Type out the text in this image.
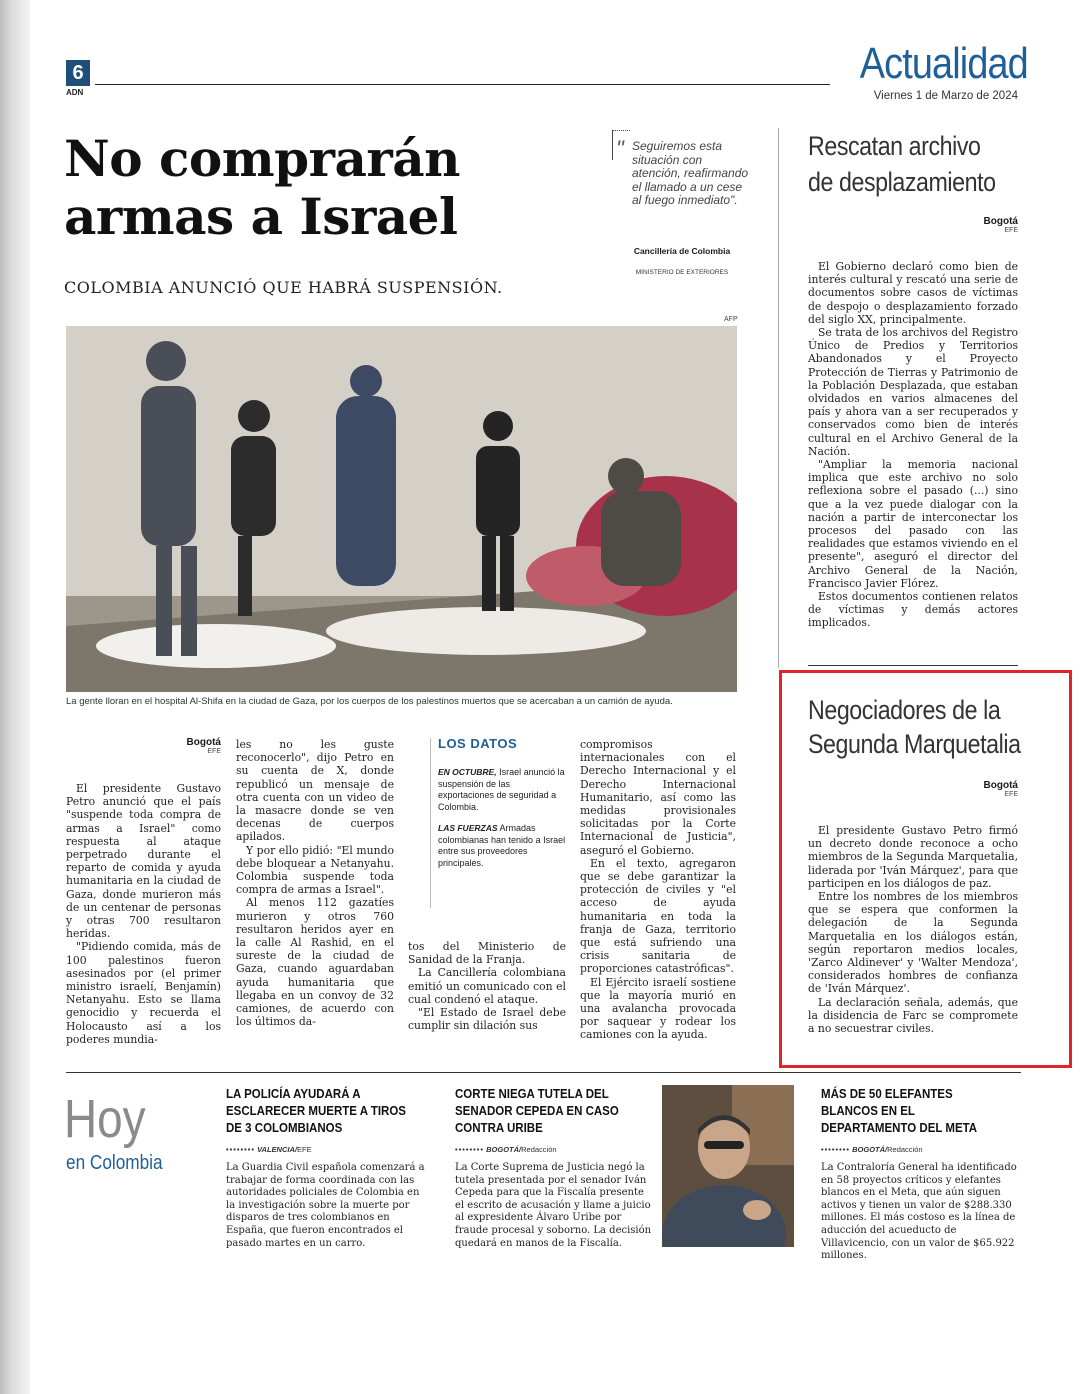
6
ADN
Actualidad
Viernes 1 de Marzo de 2024
No comprarán armas a Israel
COLOMBIA ANUNCIÓ QUE HABRÁ SUSPENSIÓN.
" Seguiremos esta situación con atención, reafirmando el llamado a un cese al fuego inmediato".
Cancillería de Colombia
MINISTERIO DE EXTERIORES
AFP
La gente lloran en el hospital Al-Shifa en la ciudad de Gaza, por los cuerpos de los palestinos muertos que se acercaban a un camión de ayuda.
Bogotá
EFE

El presidente Gustavo Petro anunció que el país "suspende toda compra de armas a Israel" como respuesta al ataque perpetrado durante el reparto de comida y ayuda humanitaria en la ciudad de Gaza, donde murieron más de un centenar de personas y otras 700 resultaron heridas.

"Pidiendo comida, más de 100 palestinos fueron asesinados por (el primer ministro israelí, Benjamín) Netanyahu. Esto se llama genocidio y recuerda el Holocausto así a los poderes mundia-

les no les guste reconocerlo", dijo Petro en su cuenta de X, donde republicó un mensaje de otra cuenta con un video de la masacre donde se ven decenas de cuerpos apilados.

Y por ello pidió: "El mundo debe bloquear a Netanyahu. Colombia suspende toda compra de armas a Israel".

Al menos 112 gazatíes murieron y otros 760 resultaron heridos ayer en la calle Al Rashid, en el sureste de la ciudad de Gaza, cuando aguardaban ayuda humanitaria que llegaba en un convoy de 32 camiones, de acuerdo con los últimos da-

LOS DATOS
EN OCTUBRE, Israel anunció la suspensión de las exportaciones de seguridad a Colombia.
LAS FUERZAS Armadas colombianas han tenido a Israel entre sus proveedores principales.

tos del Ministerio de Sanidad de la Franja.

La Cancillería colombiana emitió un comunicado con el cual condenó el ataque.

"El Estado de Israel debe cumplir sin dilación sus

compromisos internacionales con el Derecho Internacional y el Derecho Internacional Humanitario, así como las medidas provisionales solicitadas por la Corte Internacional de Justicia", aseguró el Gobierno.

En el texto, agregaron que se debe garantizar la protección de civiles y "el acceso de ayuda humanitaria en toda la franja de Gaza, territorio que está sufriendo una crisis sanitaria de proporciones catastróficas".

El Ejército israelí sostiene que la mayoría murió en una avalancha provocada por saquear y rodear los camiones con la ayuda.

Rescatan archivo
de desplazamiento
Bogotá
EFE

El Gobierno declaró como bien de interés cultural y rescató una serie de documentos sobre casos de víctimas de despojo o desplazamiento forzado del siglo XX, principalmente.

Se trata de los archivos del Registro Único de Predios y Territorios Abandonados y el Proyecto Protección de Tierras y Patrimonio de la Población Desplazada, que estaban olvidados en varios almacenes del país y ahora van a ser recuperados y conservados como bien de interés cultural en el Archivo General de la Nación.

"Ampliar la memoria nacional implica que este archivo no solo reflexiona sobre el pasado (...) sino que a la vez puede dialogar con la nación a partir de interconectar los procesos del pasado con las realidades que estamos viviendo en el presente", aseguró el director del Archivo General de la Nación, Francisco Javier Flórez.

Estos documentos contienen relatos de víctimas y demás actores implicados.

Negociadores de la
Segunda Marquetalia
Bogotá
EFE

El presidente Gustavo Petro firmó un decreto donde reconoce a ocho miembros de la Segunda Marquetalia, liderada por 'Iván Márquez', para que participen en los diálogos de paz.

Entre los nombres de los miembros que se espera que conformen la delegación de la Segunda Marquetalia en los diálogos están, según reportaron medios locales, 'Zarco Aldinever' y 'Walter Mendoza', considerados hombres de confianza de 'Iván Márquez'.

La declaración señala, además, que la disidencia de Farc se compromete a no secuestrar civiles.

Hoy
en Colombia
LA POLICÍA AYUDARÁ A ESCLARECER MUERTE A TIROS DE 3 COLOMBIANOS
•••••••• VALENCIA/EFE
La Guardia Civil española comenzará a trabajar de forma coordinada con las autoridades policiales de Colombia en la investigación sobre la muerte por disparos de tres colombianos en España, que fueron encontrados el pasado martes en un carro.
CORTE NIEGA TUTELA DEL SENADOR CEPEDA EN CASO CONTRA URIBE
•••••••• BOGOTÁ/Redacción
La Corte Suprema de Justicia negó la tutela presentada por el senador Iván Cepeda para que la Fiscalía presente el escrito de acusación y llame a juicio al expresidente Álvaro Uribe por fraude procesal y soborno. La decisión quedará en manos de la Fiscalía.
MÁS DE 50 ELEFANTES BLANCOS EN EL DEPARTAMENTO DEL META
•••••••• BOGOTÁ/Redacción
La Contraloría General ha identificado en 58 proyectos críticos y elefantes blancos en el Meta, que aún siguen activos y tienen un valor de $288.330 millones. El más costoso es la línea de aducción del acueducto de Villavicencio, con un valor de $65.922 millones.
